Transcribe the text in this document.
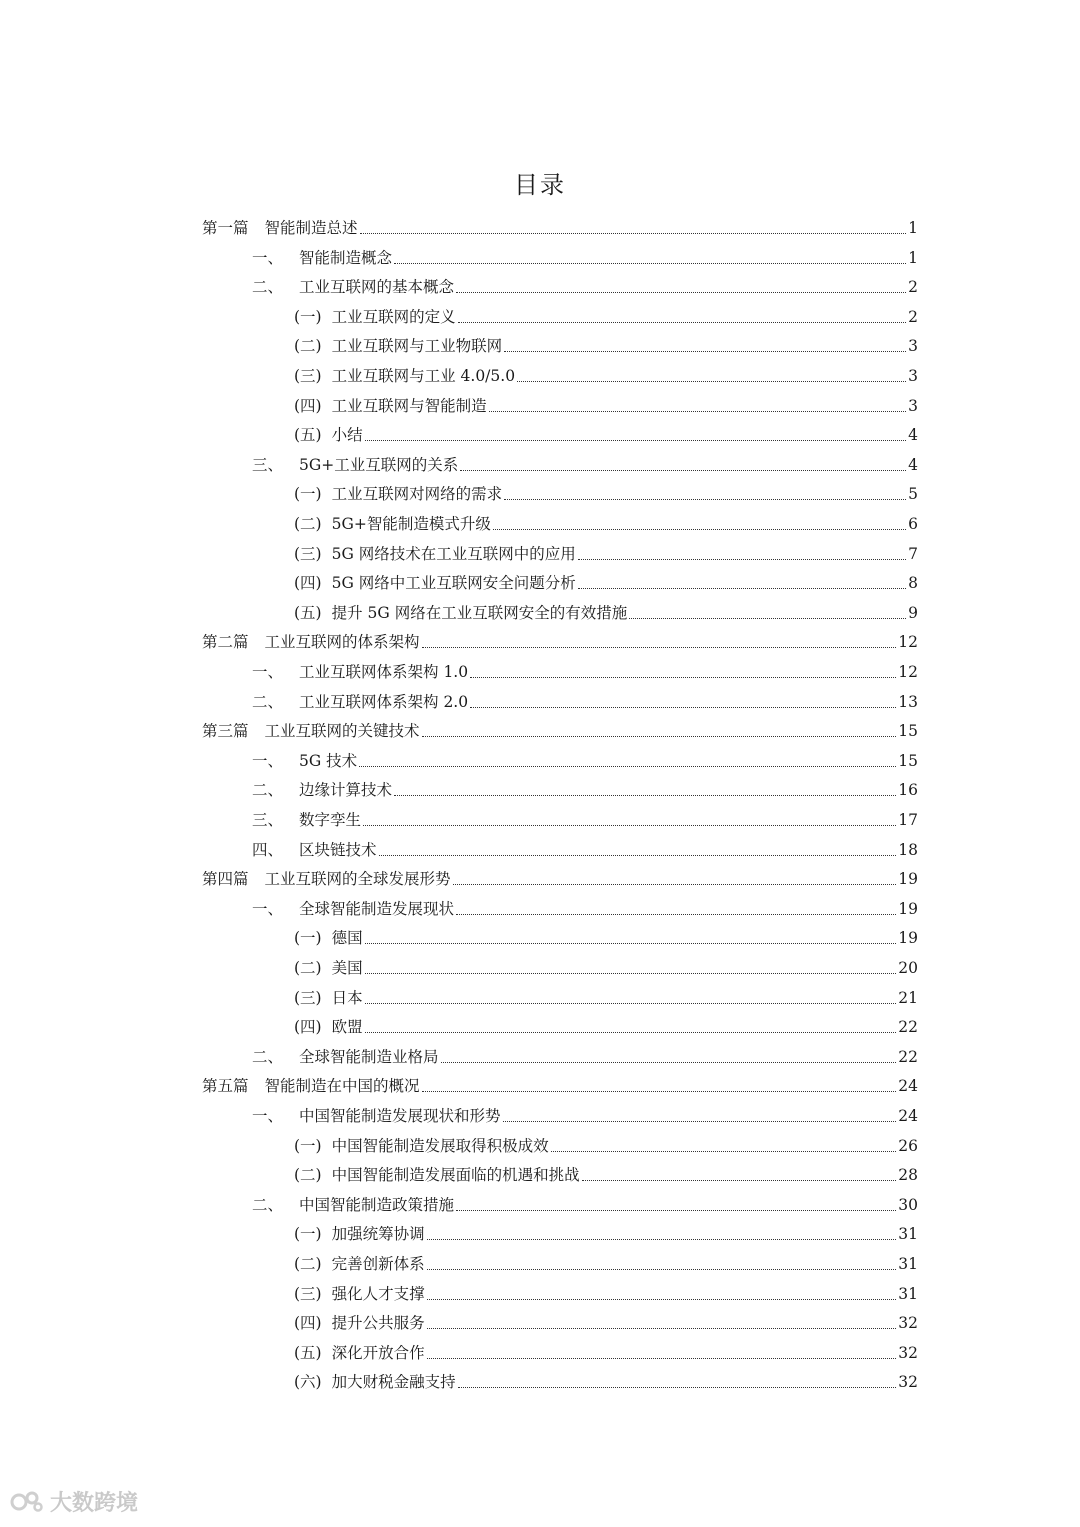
目录
第一篇 智能制造总述	1
一、 智能制造概念	1
二、 工业互联网的基本概念	2
(一) 工业互联网的定义	2
(二) 工业互联网与工业物联网	3
(三) 工业互联网与工业 4.0/5.0	3
(四) 工业互联网与智能制造	3
(五) 小结	4
三、 5G+工业互联网的关系	4
(一) 工业互联网对网络的需求	5
(二) 5G+智能制造模式升级	6
(三) 5G 网络技术在工业互联网中的应用	7
(四) 5G 网络中工业互联网安全问题分析	8
(五) 提升 5G 网络在工业互联网安全的有效措施	9
第二篇 工业互联网的体系架构	12
一、 工业互联网体系架构 1.0	12
二、 工业互联网体系架构 2.0	13
第三篇 工业互联网的关键技术	15
一、 5G 技术	15
二、 边缘计算技术	16
三、 数字孪生	17
四、 区块链技术	18
第四篇 工业互联网的全球发展形势	19
一、 全球智能制造发展现状	19
(一) 德国	19
(二) 美国	20
(三) 日本	21
(四) 欧盟	22
二、 全球智能制造业格局	22
第五篇 智能制造在中国的概况	24
一、 中国智能制造发展现状和形势	24
(一) 中国智能制造发展取得积极成效	26
(二) 中国智能制造发展面临的机遇和挑战	28
二、 中国智能制造政策措施	30
(一) 加强统筹协调	31
(二) 完善创新体系	31
(三) 强化人才支撑	31
(四) 提升公共服务	32
(五) 深化开放合作	32
(六) 加大财税金融支持	32
大数跨境
